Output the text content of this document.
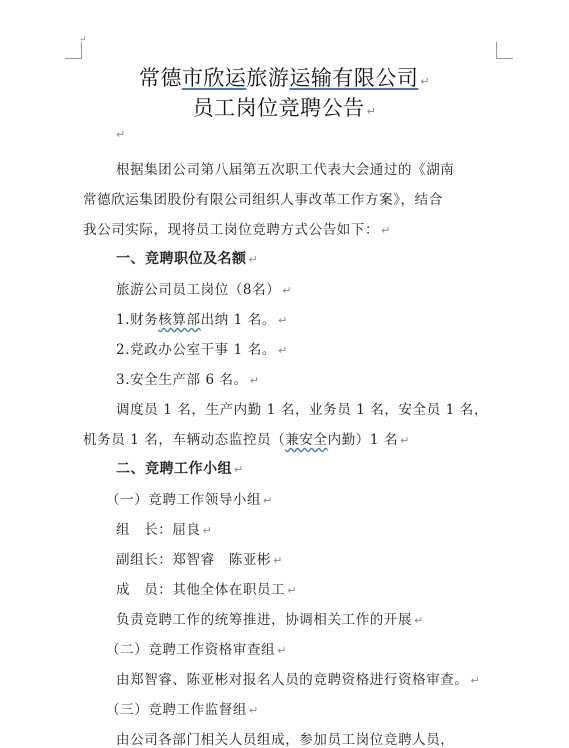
↵
常德市欣运旅游运输有限公司 ↵
员工岗位竞聘公告 ↵
↵
根据集团公司第八届第五次职工代表大会通过的《湖南
常德欣运集团股份有限公司组织人事改革工作方案》，结合
我公司实际，现将员工岗位竞聘方式公告如下： ↵
一、竞聘职位及名额 ↵
旅游公司员工岗位（8名） ↵
1.财务核算部出纳 1 名。 ↵
2.党政办公室干事 1 名。 ↵
3.安全生产部 6 名。 ↵
调度员 1 名，生产内勤 1 名，业务员 1 名，安全员 1 名，
机务员 1 名，车辆动态监控员（兼安全内勤）1 名 ↵
二、竞聘工作小组 ↵
（一）竞聘工作领导小组 ↵
组　长：屈良 ↵
副组长：郑智睿　陈亚彬 ↵
成　员：其他全体在职员工 ↵
负责竞聘工作的统筹推进，协调相关工作的开展 ↵
（二）竞聘工作资格审查组 ↵
由郑智睿、陈亚彬对报名人员的竞聘资格进行资格审查。 ↵
（三）竞聘工作监督组 ↵
由公司各部门相关人员组成，参加员工岗位竞聘人员，
